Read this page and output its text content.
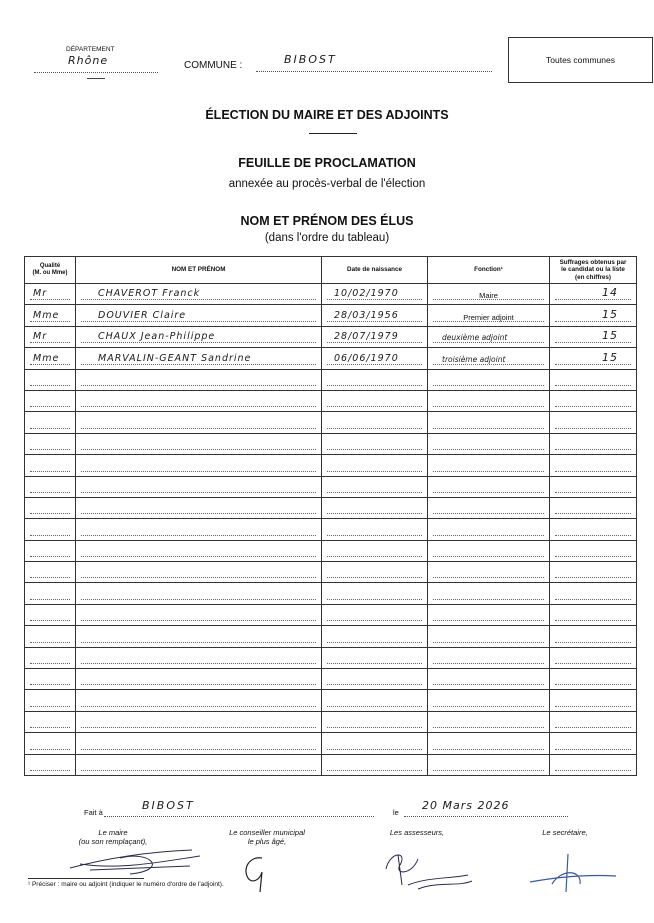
DÉPARTEMENT
Rhône	COMMUNE :	BIBOST	Toutes communes
ÉLECTION DU MAIRE ET DES ADJOINTS
FEUILLE DE PROCLAMATION
annexée au procès-verbal de l'élection
NOM ET PRÉNOM DES ÉLUS
(dans l'ordre du tableau)
Qualité
(M. ou Mme)	NOM ET PRÉNOM	Date de naissance	Fonction¹	Suffrages obtenus par
le candidat ou la liste
(en chiffres)

Mr	CHAVEROT Franck	10/02/1970	Maire	14

Mme	DOUVIER Claire	28/03/1956	Premier adjoint	15

Mr	CHAUX Jean-Philippe	28/07/1979	deuxième adjoint	15

Mme	MARVALIN-GEANT Sandrine	06/06/1970	troisième adjoint	15

Fait à
BIBOST
le
20 Mars 2026
Le maire
(ou son remplaçant),
Le conseiller municipal
le plus âgé,
Les assesseurs,	Le secrétaire,
¹ Préciser : maire ou adjoint (indiquer le numéro d'ordre de l'adjoint).
